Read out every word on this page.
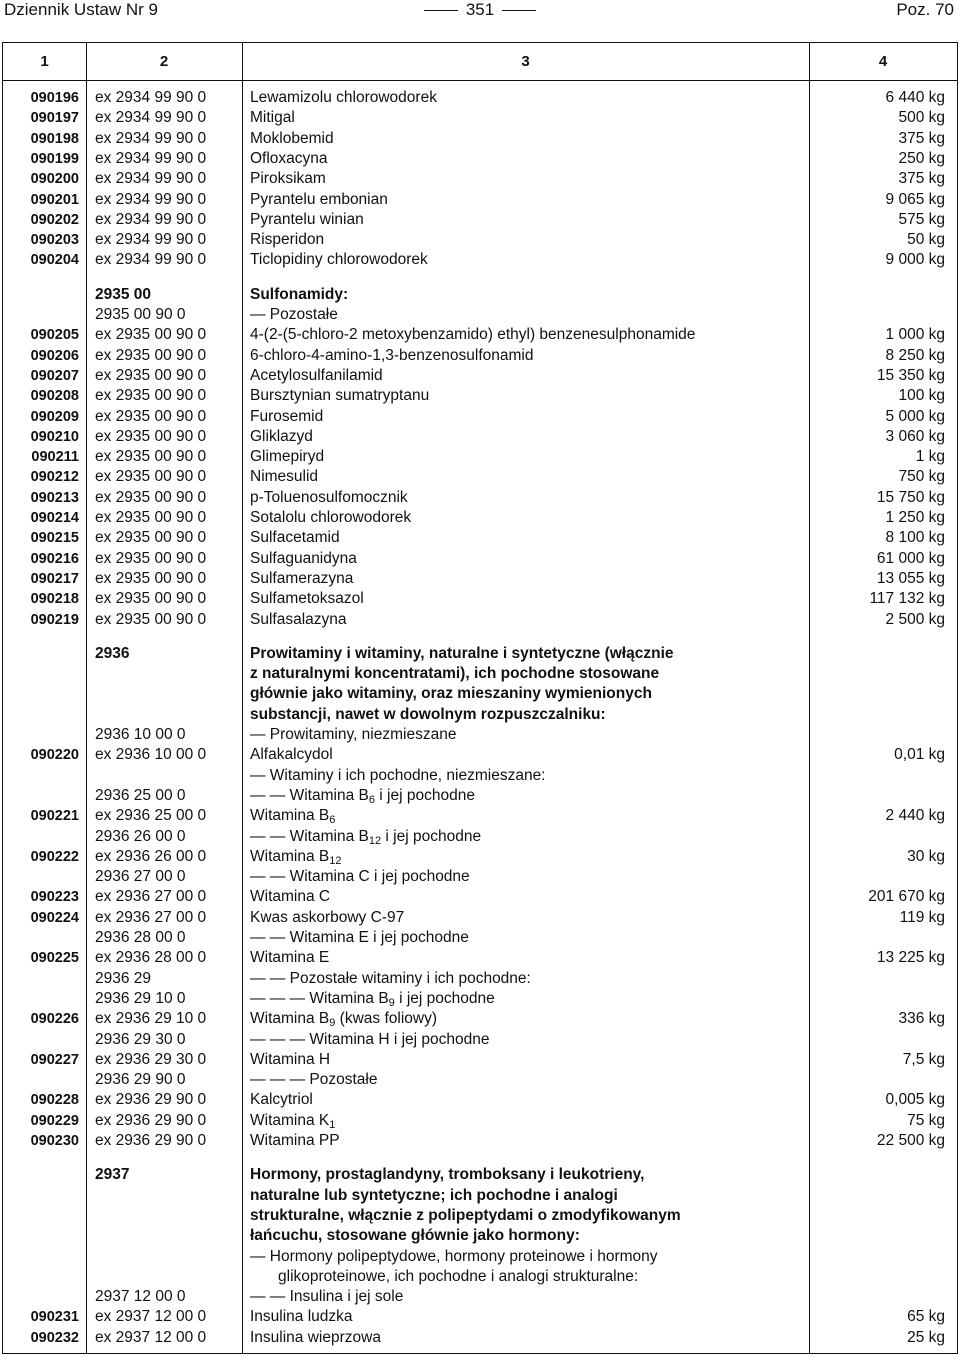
Dziennik Ustaw Nr 9	351	Poz. 70
1	2	3	4
090196 ex 2934 99 90 0	Lewamizolu chlorowodorek	6 440 kg
090197 ex 2934 99 90 0	Mitigal	500 kg
090198 ex 2934 99 90 0	Moklobemid	375 kg
090199 ex 2934 99 90 0	Ofloxacyna	250 kg
090200 ex 2934 99 90 0	Piroksikam	375 kg
090201 ex 2934 99 90 0	Pyrantelu embonian	9 065 kg
090202 ex 2934 99 90 0	Pyrantelu winian	575 kg
090203 ex 2934 99 90 0	Risperidon	50 kg
090204 ex 2934 99 90 0	Ticlopidiny chlorowodorek	9 000 kg
2935 00	Sulfonamidy:
2935 00 90 0	— Pozostałe
090205 ex 2935 00 90 0	4-(2-(5-chloro-2 metoxybenzamido) ethyl) benzenesulphonamide	1 000 kg
090206 ex 2935 00 90 0	6-chloro-4-amino-1,3-benzenosulfonamid	8 250 kg
090207 ex 2935 00 90 0	Acetylosulfanilamid	15 350 kg
090208 ex 2935 00 90 0	Bursztynian sumatryptanu	100 kg
090209 ex 2935 00 90 0	Furosemid	5 000 kg
090210 ex 2935 00 90 0	Gliklazyd	3 060 kg
090211 ex 2935 00 90 0	Glimepiryd	1 kg
090212 ex 2935 00 90 0	Nimesulid	750 kg
090213 ex 2935 00 90 0	p-Toluenosulfomocznik	15 750 kg
090214 ex 2935 00 90 0	Sotalolu chlorowodorek	1 250 kg
090215 ex 2935 00 90 0	Sulfacetamid	8 100 kg
090216 ex 2935 00 90 0	Sulfaguanidyna	61 000 kg
090217 ex 2935 00 90 0	Sulfamerazyna	13 055 kg
090218 ex 2935 00 90 0	Sulfametoksazol	117 132 kg
090219 ex 2935 00 90 0	Sulfasalazyna	2 500 kg
2936	Prowitaminy i witaminy, naturalne i syntetyczne (włącznie
z naturalnymi koncentratami), ich pochodne stosowane
głównie jako witaminy, oraz mieszaniny wymienionych
substancji, nawet w dowolnym rozpuszczalniku:
2936 10 00 0	— Prowitaminy, niezmieszane
090220 ex 2936 10 00 0	Alfakalcydol	0,01 kg
— Witaminy i ich pochodne, niezmieszane:
2936 25 00 0	— — Witamina $B_6$ i jej pochodne
090221 ex 2936 25 00 0	Witamina $B_6$	2 440 kg
2936 26 00 0	— — Witamina $B_{12}$ i jej pochodne
090222 ex 2936 26 00 0	Witamina $B_{12}$	30 kg
2936 27 00 0	— — Witamina C i jej pochodne
090223 ex 2936 27 00 0	Witamina C	201 670 kg
090224 ex 2936 27 00 0	Kwas askorbowy C-97	119 kg
2936 28 00 0	— — Witamina E i jej pochodne
090225 ex 2936 28 00 0	Witamina E	13 225 kg
2936 29	— — Pozostałe witaminy i ich pochodne:
2936 29 10 0	— — — Witamina $B_9$ i jej pochodne
090226 ex 2936 29 10 0	Witamina $B_9$ (kwas foliowy)	336 kg
2936 29 30 0	— — — Witamina H i jej pochodne
090227 ex 2936 29 30 0	Witamina H	7,5 kg
2936 29 90 0	— — — Pozostałe
090228 ex 2936 29 90 0	Kalcytriol	0,005 kg
090229 ex 2936 29 90 0	Witamina $K_1$	75 kg
090230 ex 2936 29 90 0	Witamina PP	22 500 kg
2937	Hormony, prostaglandyny, tromboksany i leukotrieny,
naturalne lub syntetyczne; ich pochodne i analogi
strukturalne, włącznie z polipeptydami o zmodyfikowanym
łańcuchu, stosowane głównie jako hormony:
— Hormony polipeptydowe, hormony proteinowe i hormony
glikoproteinowe, ich pochodne i analogi strukturalne:
2937 12 00 0	— — Insulina i jej sole
090231 ex 2937 12 00 0	Insulina ludzka	65 kg
090232 ex 2937 12 00 0	Insulina wieprzowa	25 kg
